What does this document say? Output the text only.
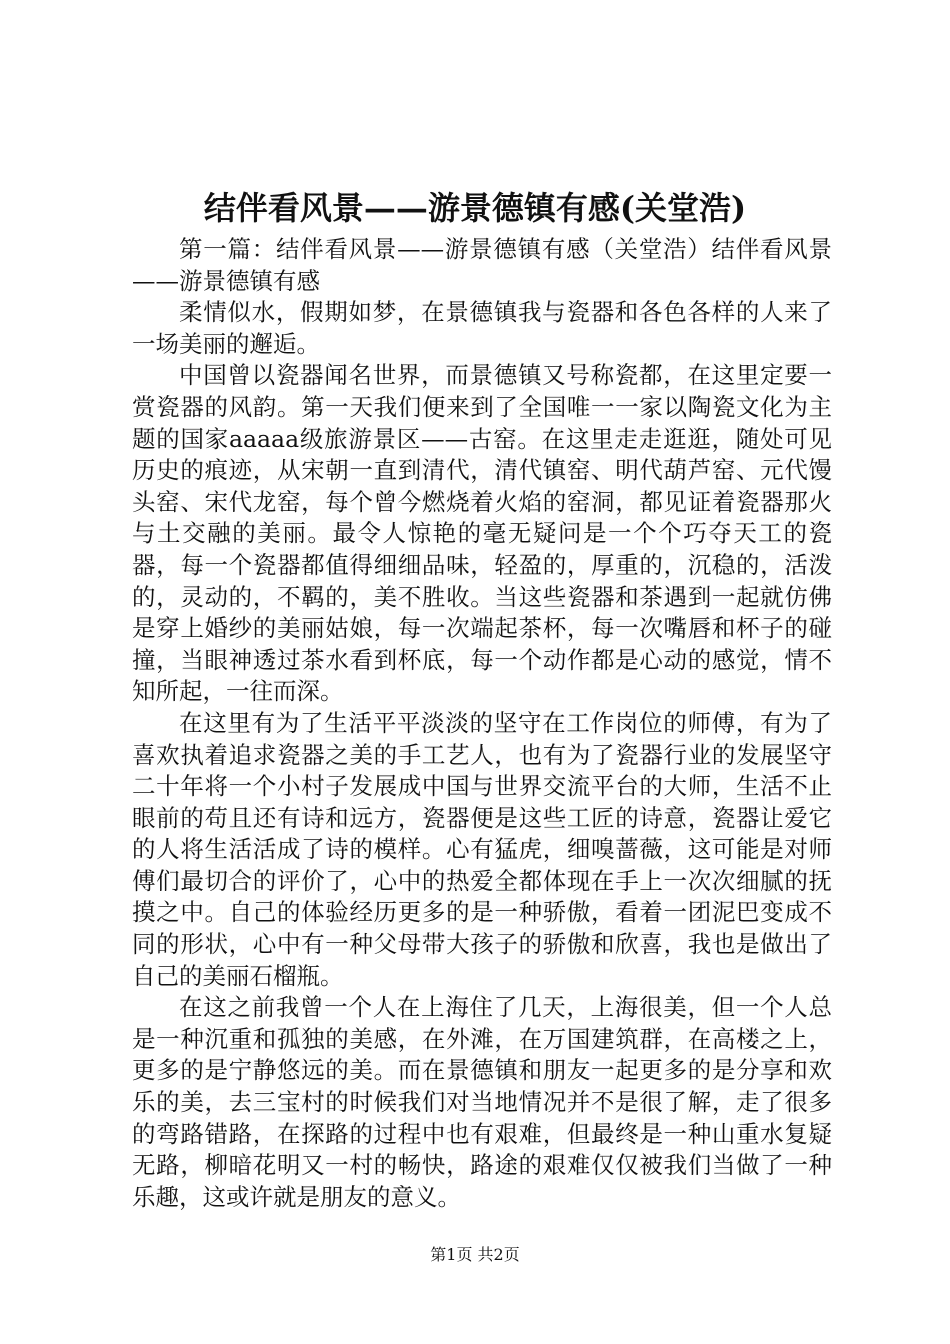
结伴看风景——游景德镇有感(关堂浩)

第一篇：结伴看风景——游景德镇有感（关堂浩）结伴看风景——游景德镇有感

柔情似水，假期如梦，在景德镇我与瓷器和各色各样的人来了一场美丽的邂逅。

中国曾以瓷器闻名世界，而景德镇又号称瓷都，在这里定要一赏瓷器的风韵。第一天我们便来到了全国唯一一家以陶瓷文化为主题的国家aaaaa级旅游景区——古窑。在这里走走逛逛，随处可见历史的痕迹，从宋朝一直到清代，清代镇窑、明代葫芦窑、元代馒头窑、宋代龙窑，每个曾今燃烧着火焰的窑洞，都见证着瓷器那火与土交融的美丽。最令人惊艳的毫无疑问是一个个巧夺天工的瓷器，每一个瓷器都值得细细品味，轻盈的，厚重的，沉稳的，活泼的，灵动的，不羁的，美不胜收。当这些瓷器和茶遇到一起就仿佛是穿上婚纱的美丽姑娘，每一次端起茶杯，每一次嘴唇和杯子的碰撞，当眼神透过茶水看到杯底，每一个动作都是心动的感觉，情不知所起，一往而深。

在这里有为了生活平平淡淡的坚守在工作岗位的师傅，有为了喜欢执着追求瓷器之美的手工艺人，也有为了瓷器行业的发展坚守二十年将一个小村子发展成中国与世界交流平台的大师，生活不止眼前的苟且还有诗和远方，瓷器便是这些工匠的诗意，瓷器让爱它的人将生活活成了诗的模样。心有猛虎，细嗅蔷薇，这可能是对师傅们最切合的评价了，心中的热爱全都体现在手上一次次细腻的抚摸之中。自己的体验经历更多的是一种骄傲，看着一团泥巴变成不同的形状，心中有一种父母带大孩子的骄傲和欣喜，我也是做出了自己的美丽石榴瓶。

在这之前我曾一个人在上海住了几天，上海很美，但一个人总是一种沉重和孤独的美感，在外滩，在万国建筑群，在高楼之上，更多的是宁静悠远的美。而在景德镇和朋友一起更多的是分享和欢乐的美，去三宝村的时候我们对当地情况并不是很了解，走了很多的弯路错路，在探路的过程中也有艰难，但最终是一种山重水复疑无路，柳暗花明又一村的畅快，路途的艰难仅仅被我们当做了一种乐趣，这或许就是朋友的意义。

第1页 共2页
